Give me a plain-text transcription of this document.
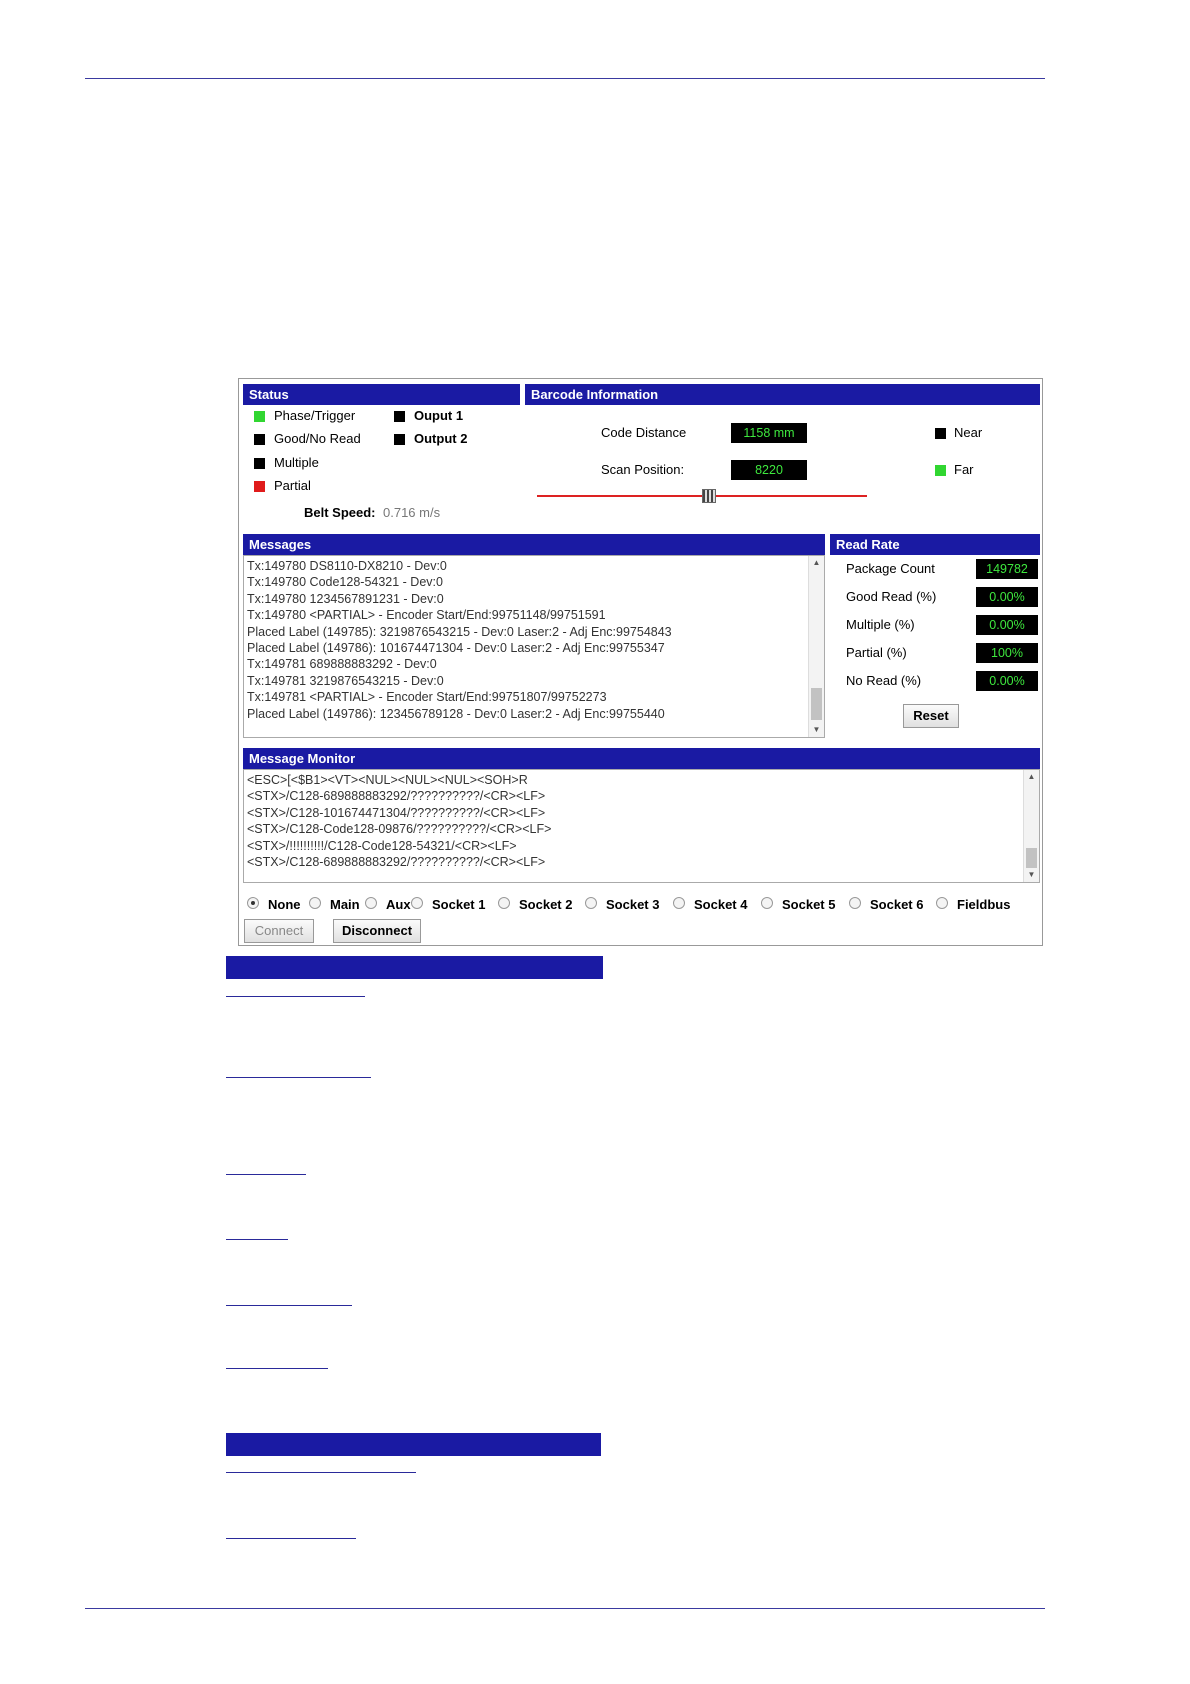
Status
Phase/Trigger
Good/No Read
Multiple
Partial
Ouput 1
Output 2
Belt Speed: 0.716 m/s
Barcode Information
Code Distance	1158 mm
Scan Position:	8220
Near
Far
Messages
Tx:149780 DS8110-DX8210 - Dev:0
Tx:149780 Code128-54321 - Dev:0
Tx:149780 1234567891231 - Dev:0
Tx:149780 <PARTIAL> - Encoder Start/End:99751148/99751591
Placed Label (149785): 3219876543215 - Dev:0 Laser:2 - Adj Enc:99754843
Placed Label (149786): 101674471304 - Dev:0 Laser:2 - Adj Enc:99755347
Tx:149781 689888883292 - Dev:0
Tx:149781 3219876543215 - Dev:0
Tx:149781 <PARTIAL> - Encoder Start/End:99751807/99752273
Placed Label (149786): 123456789128 - Dev:0 Laser:2 - Adj Enc:99755440
▲
▼
Read Rate
Package Count	149782
Good Read (%)	0.00%
Multiple (%)	0.00%
Partial (%)	100%
No Read (%)	0.00%
Reset
Message Monitor
<ESC>[<$B1><VT><NUL><NUL><NUL><SOH>R
<STX>/C128-689888883292/??????????/<CR><LF>
<STX>/C128-101674471304/??????????/<CR><LF>
<STX>/C128-Code128-09876/??????????/<CR><LF>
<STX>/!!!!!!!!!!/C128-Code128-54321/<CR><LF>
<STX>/C128-689888883292/??????????/<CR><LF>
▲
▼
None Main Aux Socket 1	Socket 2	Socket 3	Socket 4	Socket 5	Socket 6	Fieldbus
Connect	Disconnect
